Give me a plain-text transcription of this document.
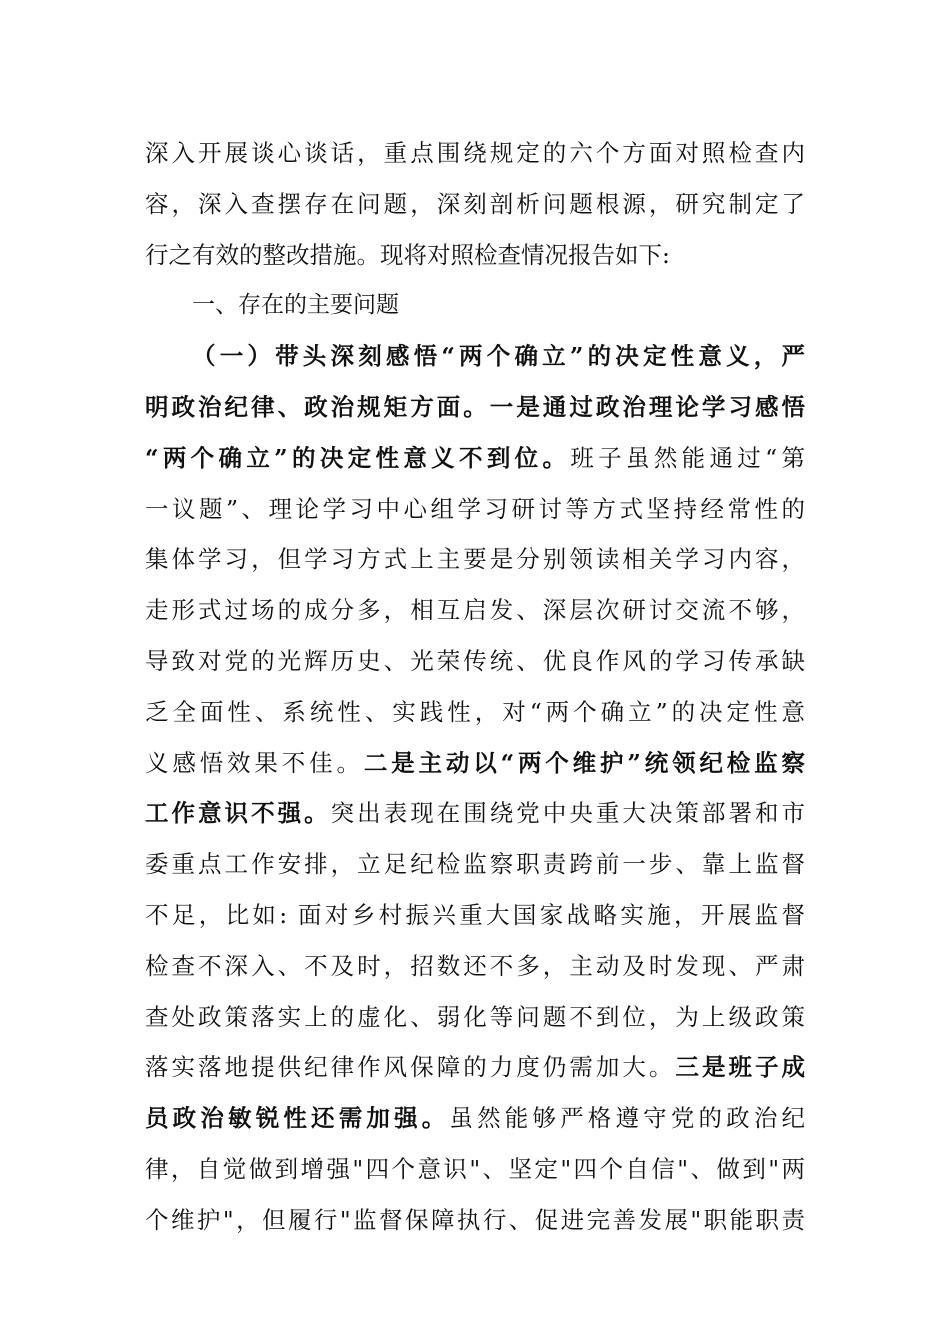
深入开展谈心谈话，重点围绕规定的六个方面对照检查内
容，深入查摆存在问题，深刻剖析问题根源，研究制定了
行之有效的整改措施。现将对照检查情况报告如下:
一、存在的主要问题
（一）带头深刻感悟“两个确立”的决定性意义，严
明政治纪律、政治规矩方面。一是通过政治理论学习感悟
“两个确立”的决定性意义不到位。班子虽然能通过“第
一议题”、理论学习中心组学习研讨等方式坚持经常性的
集体学习，但学习方式上主要是分别领读相关学习内容，
走形式过场的成分多，相互启发、深层次研讨交流不够，
导致对党的光辉历史、光荣传统、优良作风的学习传承缺
乏全面性、系统性、实践性，对“两个确立”的决定性意
义感悟效果不佳。二是主动以“两个维护”统领纪检监察
工作意识不强。突出表现在围绕党中央重大决策部署和市
委重点工作安排，立足纪检监察职责跨前一步、靠上监督
不足，比如: 面对乡村振兴重大国家战略实施，开展监督
检查不深入、不及时，招数还不多，主动及时发现、严肃
查处政策落实上的虚化、弱化等问题不到位，为上级政策
落实落地提供纪律作风保障的力度仍需加大。三是班子成
员政治敏锐性还需加强。虽然能够严格遵守党的政治纪
律，自觉做到增强"四个意识"、坚定"四个自信"、做到"两
个维护"，但履行"监督保障执行、促进完善发展"职能职责
